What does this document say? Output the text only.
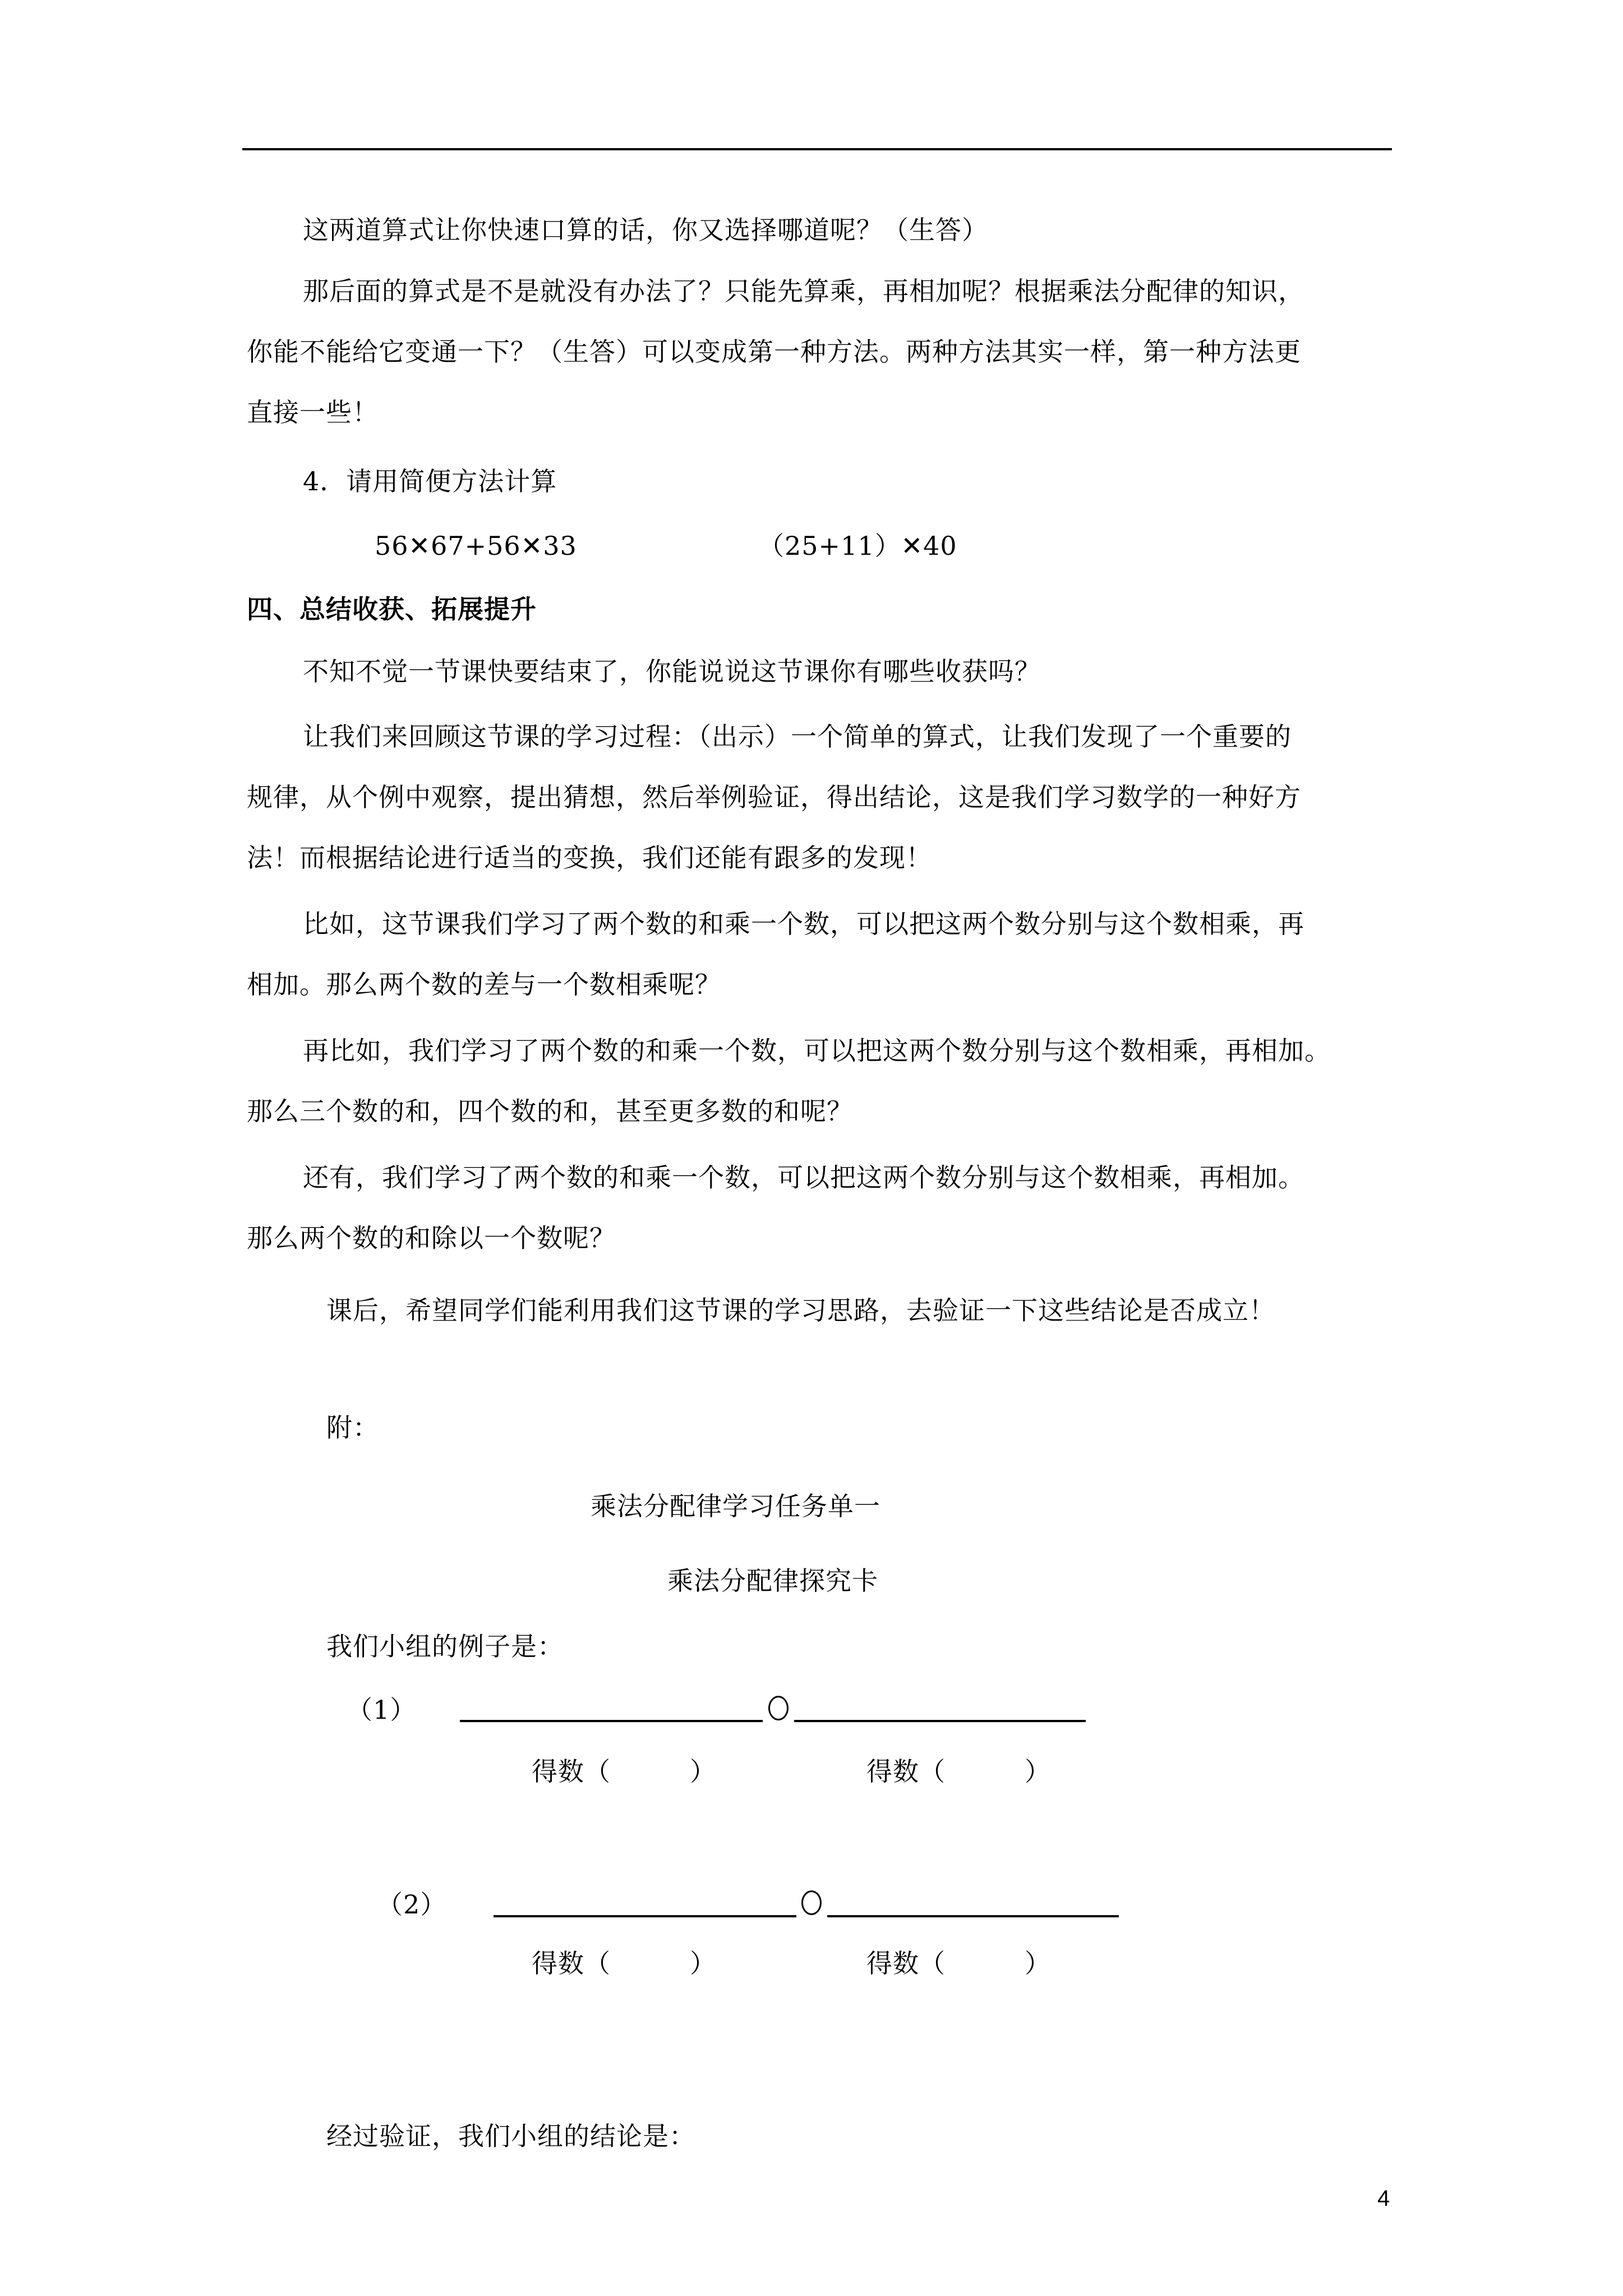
这两道算式让你快速口算的话，你又选择哪道呢？（生答）
那后面的算式是不是就没有办法了？只能先算乘，再相加呢？根据乘法分配律的知识，
你能不能给它变通一下？（生答）可以变成第一种方法。两种方法其实一样，第一种方法更
直接一些！
4．请用简便方法计算
56✕67+56✕33	（25+11）✕40
四、总结收获、拓展提升
不知不觉一节课快要结束了，你能说说这节课你有哪些收获吗？
让我们来回顾这节课的学习过程：（出示）一个简单的算式，让我们发现了一个重要的
规律，从个例中观察，提出猜想，然后举例验证，得出结论，这是我们学习数学的一种好方
法！而根据结论进行适当的变换，我们还能有跟多的发现！
比如，这节课我们学习了两个数的和乘一个数，可以把这两个数分别与这个数相乘，再
相加。那么两个数的差与一个数相乘呢？
再比如，我们学习了两个数的和乘一个数，可以把这两个数分别与这个数相乘，再相加。
那么三个数的和，四个数的和，甚至更多数的和呢？
还有，我们学习了两个数的和乘一个数，可以把这两个数分别与这个数相乘，再相加。
那么两个数的和除以一个数呢？
课后，希望同学们能利用我们这节课的学习思路，去验证一下这些结论是否成立！
附：
乘法分配律学习任务单一
乘法分配律探究卡
我们小组的例子是：
（1）
得数（　　　）	得数（　　　）
（2）
得数（　　　）	得数（　　　）
经过验证，我们小组的结论是：
4
